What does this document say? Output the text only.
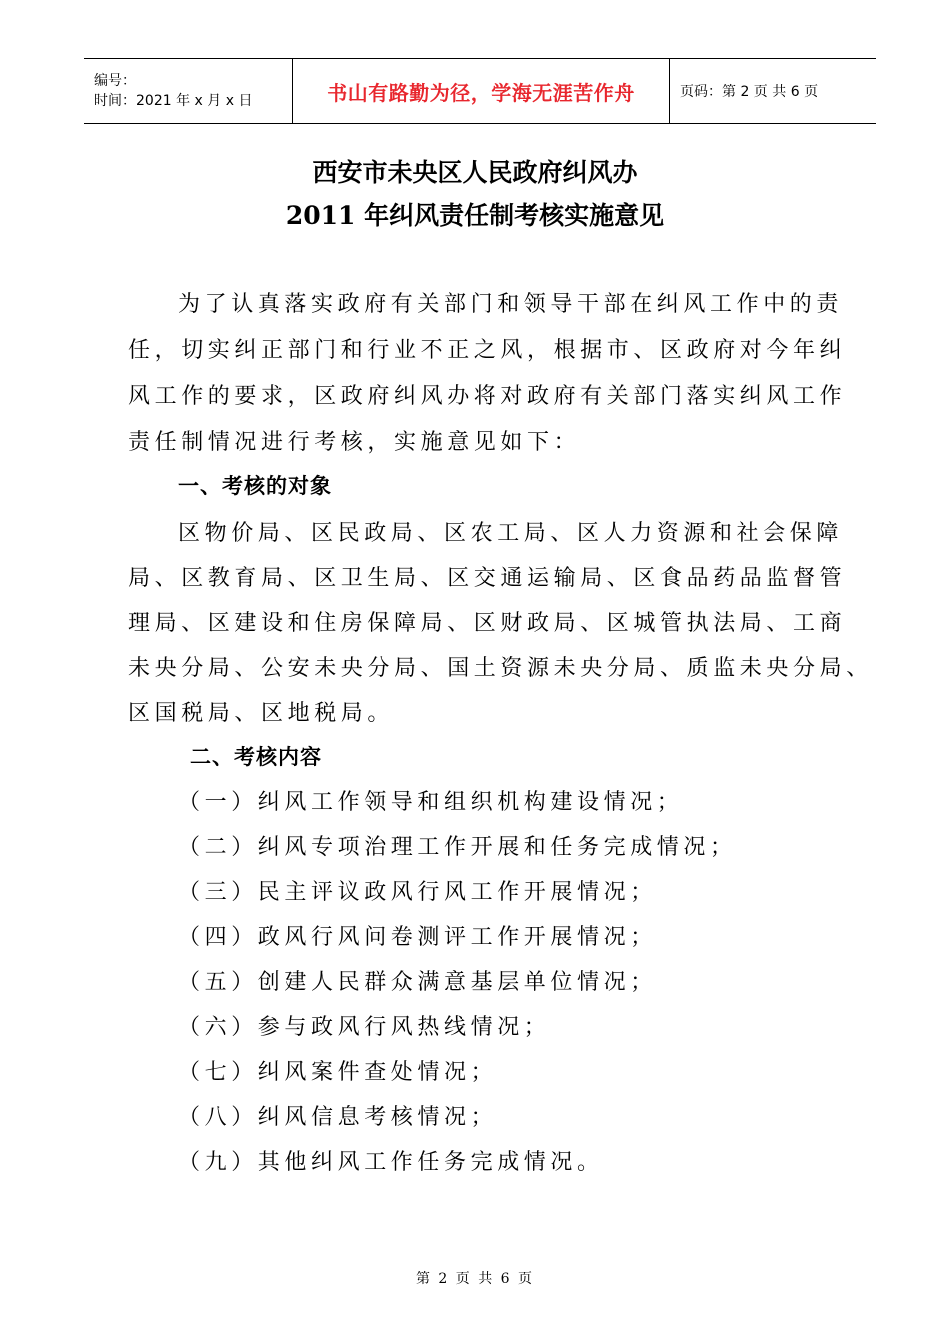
编号：
时间：2021 年 x 月 x 日	书山有路勤为径，学海无涯苦作舟	页码：第 2 页 共 6 页
西安市未央区人民政府纠风办
2011 年纠风责任制考核实施意见
为了认真落实政府有关部门和领导干部在纠风工作中的责
任，切实纠正部门和行业不正之风，根据市、区政府对今年纠
风工作的要求，区政府纠风办将对政府有关部门落实纠风工作
责任制情况进行考核，实施意见如下：
区物价局、区民政局、区农工局、区人力资源和社会保障
局、区教育局、区卫生局、区交通运输局、区食品药品监督管
理局、区建设和住房保障局、区财政局、区城管执法局、工商
未央分局、公安未央分局、国土资源未央分局、质监未央分局、
区国税局、区地税局。
一、考核的对象
二、考核内容
（一）纠风工作领导和组织机构建设情况；
（二）纠风专项治理工作开展和任务完成情况；
（三）民主评议政风行风工作开展情况；
（四）政风行风问卷测评工作开展情况；
（五）创建人民群众满意基层单位情况；
（六）参与政风行风热线情况；
（七）纠风案件查处情况；
（八）纠风信息考核情况；
（九）其他纠风工作任务完成情况。
第 2 页 共 6 页
